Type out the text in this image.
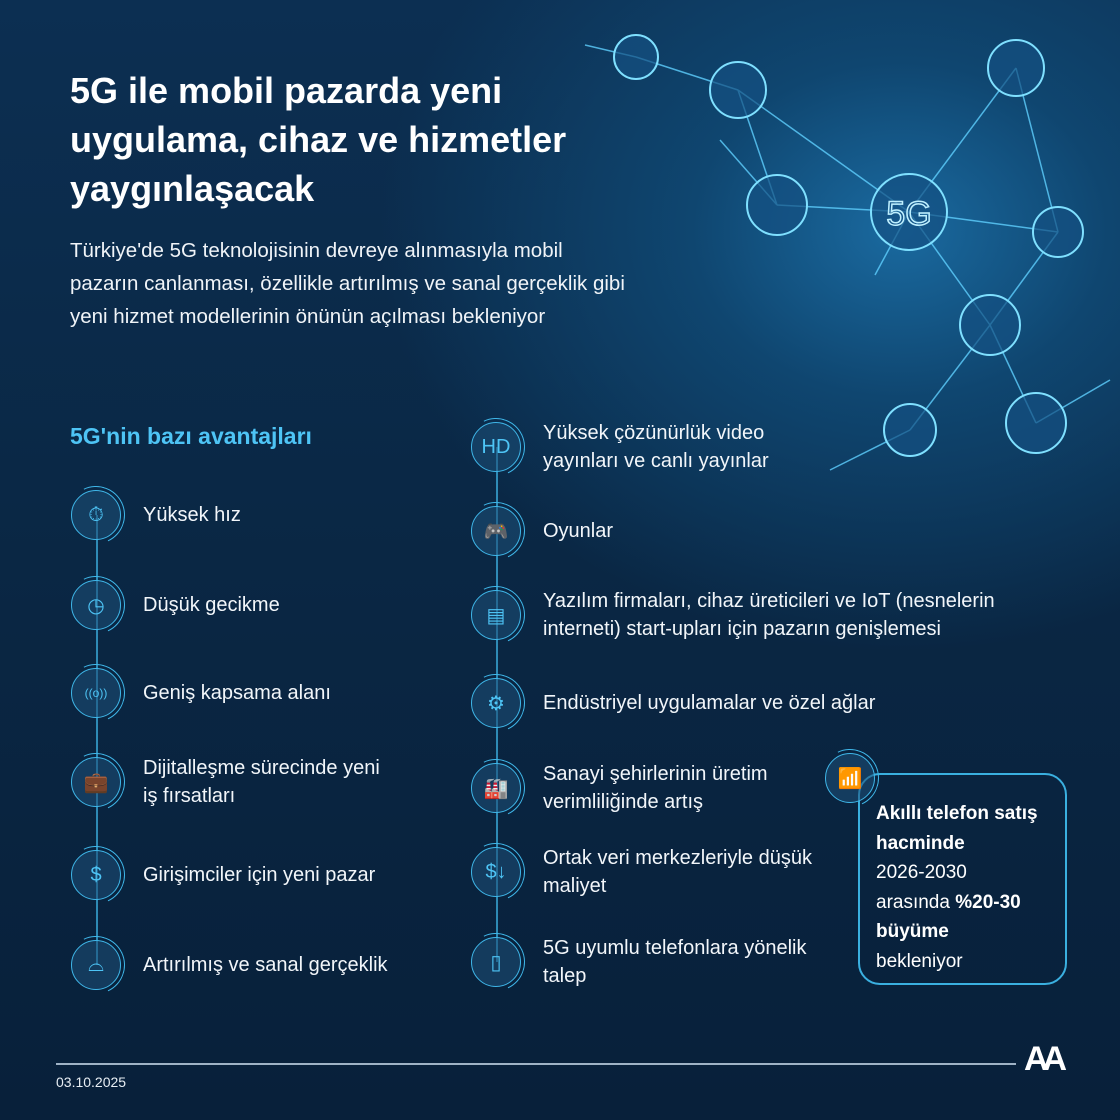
5G
5G ile mobil pazarda yeni uygulama, cihaz ve hizmetler yaygınlaşacak

Türkiye'de 5G teknolojisinin devreye alınmasıyla mobil pazarın canlanması, özellikle artırılmış ve sanal gerçeklik gibi yeni hizmet modellerinin önünün açılması bekleniyor

5G'nin bazı avantajları
⏱	Yüksek hız
◷	Düşük gecikme
((o))	Geniş kapsama alanı
💼
Dijitalleşme sürecinde yeni iş fırsatları
$	Girişimciler için yeni pazar
⌓	Artırılmış ve sanal gerçeklik
HD
Yüksek çözünürlük video yayınları ve canlı yayınlar
🎮	Oyunlar
▤
Yazılım firmaları, cihaz üreticileri ve IoT (nesnelerin interneti) start-upları için pazarın genişlemesi
⚙	Endüstriyel uygulamalar ve özel ağlar
🏭
Sanayi şehirlerinin üretim verimliliğinde artış
$↓
Ortak veri merkezleriyle düşük maliyet
▯
5G uyumlu telefonlara yönelik talep
Akıllı telefon satış
hacminde
2026-2030
arasında %20-30
büyüme
bekleniyor
📶
03.10.2025
AA
